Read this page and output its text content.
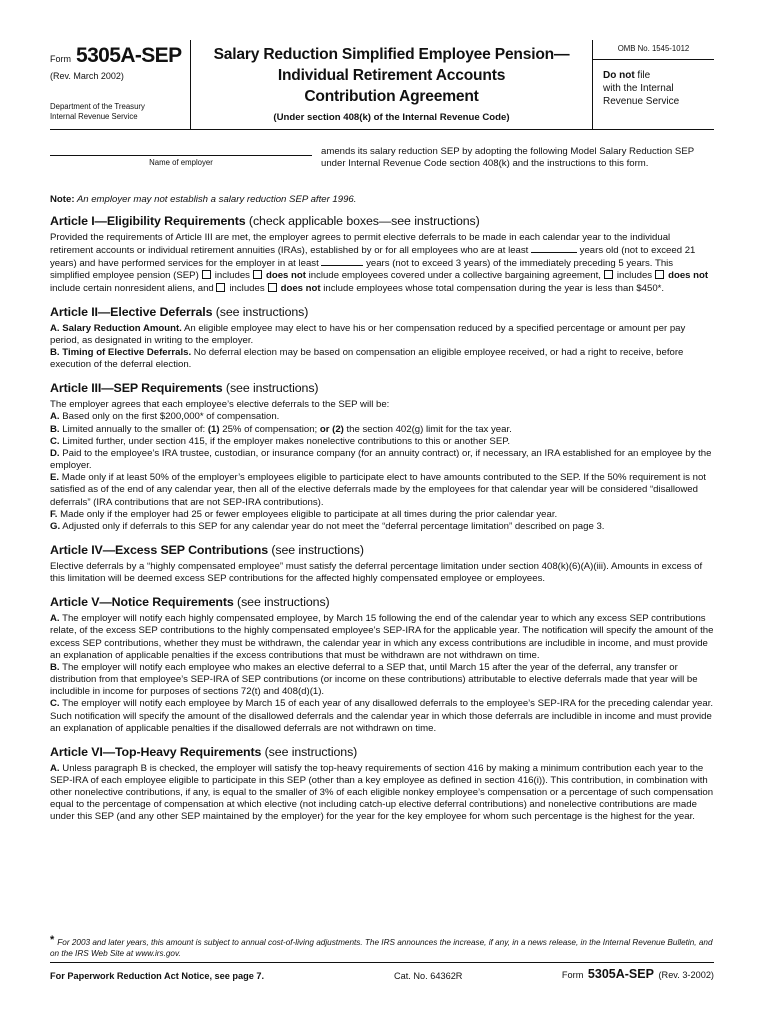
Form 5305A-SEP
(Rev. March 2002)
Department of the Treasury
Internal Revenue Service
Salary Reduction Simplified Employee Pension—
Individual Retirement Accounts
Contribution Agreement
(Under section 408(k) of the Internal Revenue Code)
OMB No. 1545-1012
Do not file
with the Internal
Revenue Service
Name of employer
amends its salary reduction SEP by adopting the following Model Salary Reduction SEP under Internal Revenue Code section 408(k) and the instructions to this form.
Note: An employer may not establish a salary reduction SEP after 1996.
Article I—Eligibility Requirements (check applicable boxes—see instructions)

Provided the requirements of Article III are met, the employer agrees to permit elective deferrals to be made in each calendar year to the individual retirement accounts or individual retirement annuities (IRAs), established by or for all employees who are at least	years old (not to exceed 21 years) and have performed services for the employer in at least	years (not to exceed 3 years) of the immediately preceding 5 years. This simplified employee pension (SEP) includes does not include employees covered under a collective bargaining agreement, includes does not include certain nonresident aliens, and includes does not include employees whose total compensation during the year is less than $450*.

Article II—Elective Deferrals (see instructions)

A. Salary Reduction Amount. An eligible employee may elect to have his or her compensation reduced by a specified percentage or amount per pay period, as designated in writing to the employer.

B. Timing of Elective Deferrals. No deferral election may be based on compensation an eligible employee received, or had a right to receive, before execution of the deferral election.

Article III—SEP Requirements (see instructions)

The employer agrees that each employee’s elective deferrals to the SEP will be:

A. Based only on the first $200,000* of compensation.

B. Limited annually to the smaller of: (1) 25% of compensation; or (2) the section 402(g) limit for the tax year.

C. Limited further, under section 415, if the employer makes nonelective contributions to this or another SEP.

D. Paid to the employee’s IRA trustee, custodian, or insurance company (for an annuity contract) or, if necessary, an IRA established for an employee by the employer.

E. Made only if at least 50% of the employer’s employees eligible to participate elect to have amounts contributed to the SEP. If the 50% requirement is not satisfied as of the end of any calendar year, then all of the elective deferrals made by the employees for that calendar year will be considered “disallowed deferrals” (IRA contributions that are not SEP-IRA contributions).

F. Made only if the employer had 25 or fewer employees eligible to participate at all times during the prior calendar year.

G. Adjusted only if deferrals to this SEP for any calendar year do not meet the “deferral percentage limitation” described on page 3.

Article IV—Excess SEP Contributions (see instructions)

Elective deferrals by a “highly compensated employee” must satisfy the deferral percentage limitation under section 408(k)(6)(A)(iii). Amounts in excess of this limitation will be deemed excess SEP contributions for the affected highly compensated employee or employees.

Article V—Notice Requirements (see instructions)

A. The employer will notify each highly compensated employee, by March 15 following the end of the calendar year to which any excess SEP contributions relate, of the excess SEP contributions to the highly compensated employee’s SEP-IRA for the applicable year. The notification will specify the amount of the excess SEP contributions, whether they must be withdrawn, the calendar year in which any excess contributions are includible in income, and must provide an explanation of applicable penalties if the excess contributions that must be withdrawn are not withdrawn on time.

B. The employer will notify each employee who makes an elective deferral to a SEP that, until March 15 after the year of the deferral, any transfer or distribution from that employee’s SEP-IRA of SEP contributions (or income on these contributions) attributable to elective deferrals made that year will be includible in income for purposes of sections 72(t) and 408(d)(1).

C. The employer will notify each employee by March 15 of each year of any disallowed deferrals to the employee’s SEP-IRA for the preceding calendar year. Such notification will specify the amount of the disallowed deferrals and the calendar year in which those deferrals are includible in income and must provide an explanation of applicable penalties if the disallowed deferrals are not withdrawn on time.

Article VI—Top-Heavy Requirements (see instructions)

A. Unless paragraph B is checked, the employer will satisfy the top-heavy requirements of section 416 by making a minimum contribution each year to the SEP-IRA of each employee eligible to participate in this SEP (other than a key employee as defined in section 416(i)). This contribution, in combination with other nonelective contributions, if any, is equal to the smaller of 3% of each eligible nonkey employee’s compensation or a percentage of such compensation equal to the percentage of compensation at which elective (not including catch-up elective deferral contributions) and nonelective contributions are made under this SEP (and any other SEP maintained by the employer) for the year for the key employee for whom such percentage is the highest for the year.

* For 2003 and later years, this amount is subject to annual cost-of-living adjustments. The IRS announces the increase, if any, in a news release, in the Internal Revenue Bulletin, and on the IRS Web Site at www.irs.gov.
For Paperwork Reduction Act Notice, see page 7.	Cat. No. 64362R	Form 5305A-SEP (Rev. 3-2002)
